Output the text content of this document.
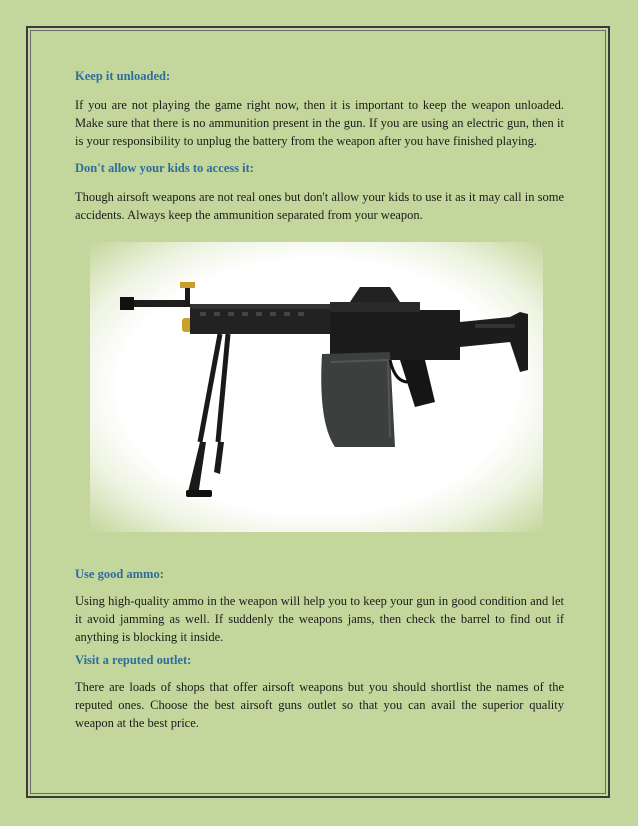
Keep it unloaded:

If you are not playing the game right now, then it is important to keep the weapon unloaded. Make sure that there is no ammunition present in the gun. If you are using an electric gun, then it is your responsibility to unplug the battery from the weapon after you have finished playing.

Don't allow your kids to access it:

Though airsoft weapons are not real ones but don't allow your kids to use it as it may call in some accidents. Always keep the ammunition separated from your weapon.

Use good ammo:

Using high-quality ammo in the weapon will help you to keep your gun in good condition and let it avoid jamming as well. If suddenly the weapons jams, then check the barrel to find out if anything is blocking it inside.

Visit a reputed outlet:

There are loads of shops that offer airsoft weapons but you should shortlist the names of the reputed ones. Choose the best airsoft guns outlet so that you can avail the superior quality weapon at the best price.
